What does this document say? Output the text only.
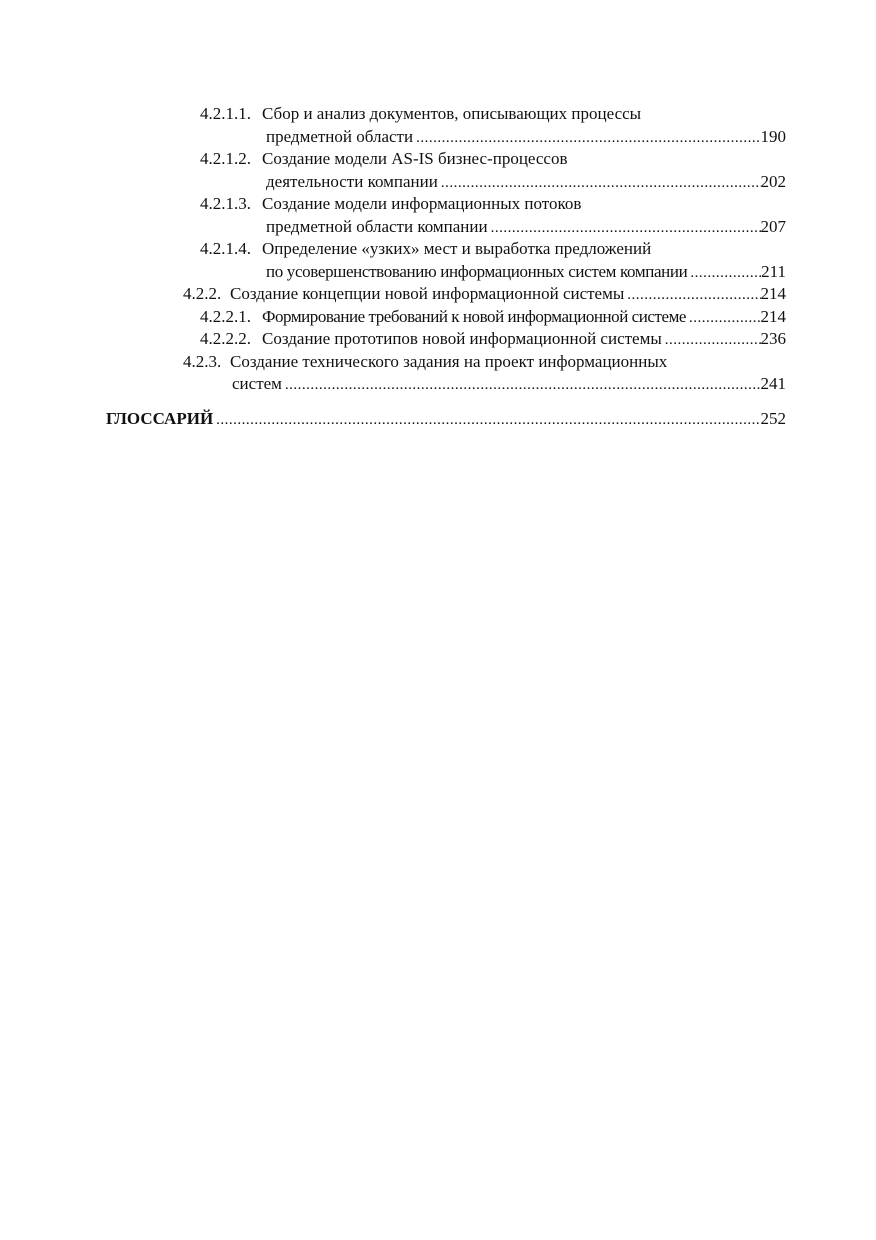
4.2.1.1. Сбор и анализ документов, описывающих процессы
предметной области .....	190
4.2.1.2. Создание модели AS-IS бизнес-процессов
деятельности компании .....	202
4.2.1.3. Создание модели информационных потоков
предметной области компании .....	207
4.2.1.4. Определение «узких» мест и выработка предложений
по усовершенствованию информационных систем компании .....	211
4.2.2. Создание концепции новой информационной системы .....	214
4.2.2.1. Формирование требований к новой информационной системе .....	214
4.2.2.2. Создание прототипов новой информационной системы .....	236
4.2.3. Создание технического задания на проект информационных
систем .....	241
ГЛОССАРИЙ .....	252
